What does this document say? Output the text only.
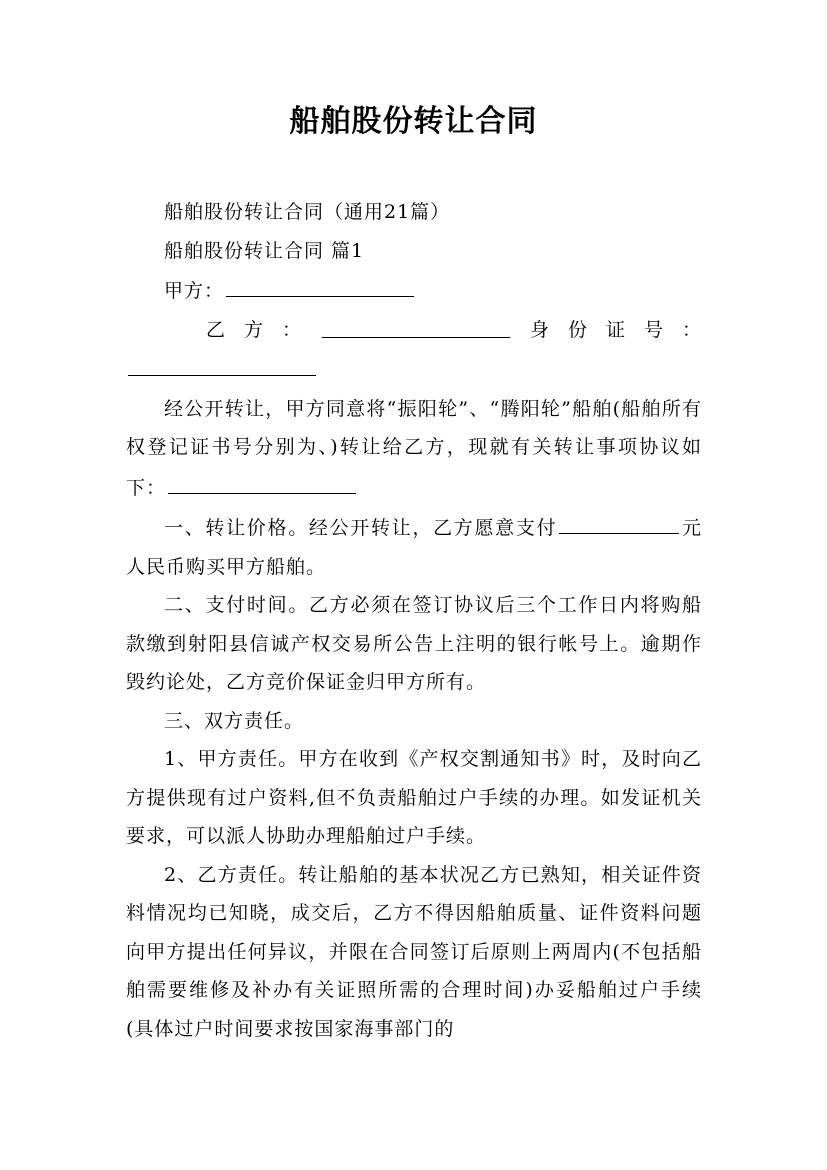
船舶股份转让合同

船舶股份转让合同（通用21篇）

船舶股份转让合同 篇1

甲方：

乙 方 ：	身 份 证 号 ：

经公开转让，甲方同意将“振阳轮”、“腾阳轮”船舶(船舶所有权登记证书号分别为、)转让给乙方，现就有关转让事项协议如下：

一、转让价格。经公开转让，乙方愿意支付	元人民币购买甲方船舶。

二、支付时间。乙方必须在签订协议后三个工作日内将购船款缴到射阳县信诚产权交易所公告上注明的银行帐号上。逾期作毁约论处，乙方竞价保证金归甲方所有。

三、双方责任。

1、甲方责任。甲方在收到《产权交割通知书》时，及时向乙方提供现有过户资料,但不负责船舶过户手续的办理。如发证机关要求，可以派人协助办理船舶过户手续。

2、乙方责任。转让船舶的基本状况乙方已熟知，相关证件资料情况均已知晓，成交后，乙方不得因船舶质量、证件资料问题向甲方提出任何异议，并限在合同签订后原则上两周内(不包括船舶需要维修及补办有关证照所需的合理时间)办妥船舶过户手续(具体过户时间要求按国家海事部门的
